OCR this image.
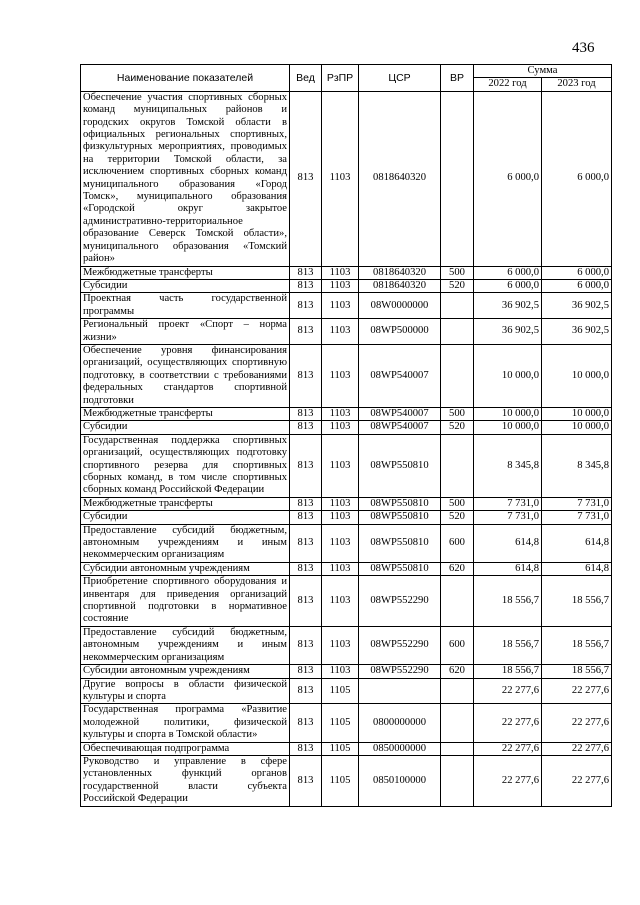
436
Наименование показателей	Вед	РзПР	ЦСР	ВР	Сумма	
					2022 год	2023 год
Обеспечение участия спортивных сборных команд муниципальных районов и городских округов Томской области в официальных региональных спортивных, физкультурных мероприятиях, проводимых на территории Томской области, за исключением спортивных сборных команд муниципального образования «Город Томск», муниципального образования «Городской округ закрытое административно-территориальное образование Северск Томской области», муниципального образования «Томский район»	813	1103	0818640320		6 000,0	6 000,0
Межбюджетные трансферты	813	1103	0818640320	500	6 000,0	6 000,0
Субсидии	813	1103	0818640320	520	6 000,0	6 000,0
Проектная часть государственной программы	813	1103	08W0000000		36 902,5	36 902,5
Региональный проект «Спорт – норма жизни»	813	1103	08WP500000		36 902,5	36 902,5
Обеспечение уровня финансирования организаций, осуществляющих спортивную подготовку, в соответствии с требованиями федеральных стандартов спортивной подготовки	813	1103	08WP540007		10 000,0	10 000,0
Межбюджетные трансферты	813	1103	08WP540007	500	10 000,0	10 000,0
Субсидии	813	1103	08WP540007	520	10 000,0	10 000,0
Государственная поддержка спортивных организаций, осуществляющих подготовку спортивного резерва для спортивных сборных команд, в том числе спортивных сборных команд Российской Федерации	813	1103	08WP550810		8 345,8	8 345,8
Межбюджетные трансферты	813	1103	08WP550810	500	7 731,0	7 731,0
Субсидии	813	1103	08WP550810	520	7 731,0	7 731,0
Предоставление субсидий бюджетным, автономным учреждениям и иным некоммерческим организациям	813	1103	08WP550810	600	614,8	614,8
Субсидии автономным учреждениям	813	1103	08WP550810	620	614,8	614,8
Приобретение спортивного оборудования и инвентаря для приведения организаций спортивной подготовки в нормативное состояние	813	1103	08WP552290		18 556,7	18 556,7
Предоставление субсидий бюджетным, автономным учреждениям и иным некоммерческим организациям	813	1103	08WP552290	600	18 556,7	18 556,7
Субсидии автономным учреждениям	813	1103	08WP552290	620	18 556,7	18 556,7
Другие вопросы в области физической культуры и спорта	813	1105			22 277,6	22 277,6
Государственная программа «Развитие молодежной политики, физической культуры и спорта в Томской области»	813	1105	0800000000		22 277,6	22 277,6
Обеспечивающая подпрограмма	813	1105	0850000000		22 277,6	22 277,6
Руководство и управление в сфере установленных функций органов государственной власти субъекта Российской Федерации	813	1105	0850100000		22 277,6	22 277,6
